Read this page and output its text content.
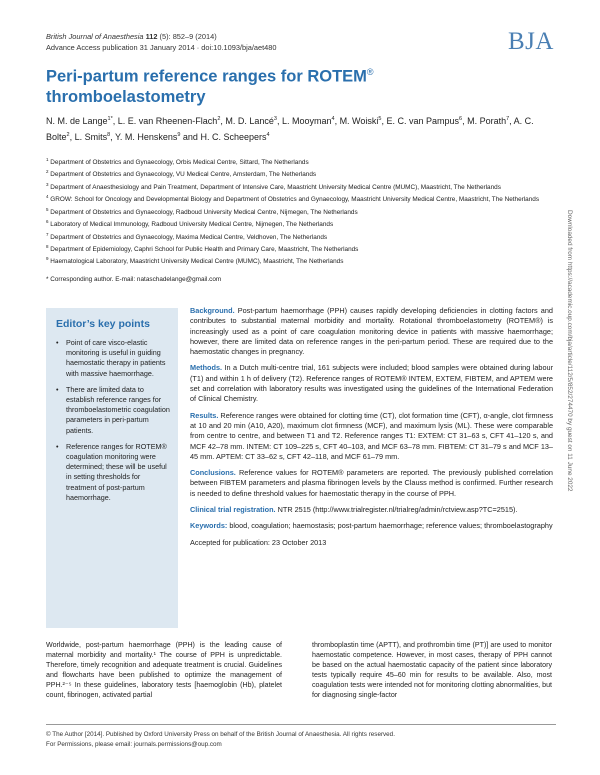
British Journal of Anaesthesia 112 (5): 852–9 (2014)
Advance Access publication 31 January 2014 · doi:10.1093/bja/aet480	BJA
Peri-partum reference ranges for ROTEM®
thromboelastometry
N. M. de Lange$^{1*}$, L. E. van Rheenen-Flach$^2$, M. D. Lancé$^3$, L. Mooyman$^4$, M. Woiski$^5$, E. C. van Pampus$^6$, M. Porath$^7$, A. C. Bolte$^2$, L. Smits$^8$, Y. M. Henskens$^9$ and H. C. Scheepers$^4$
$^1$ Department of Obstetrics and Gynaecology, Orbis Medical Centre, Sittard, The Netherlands
$^2$ Department of Obstetrics and Gynaecology, VU Medical Centre, Amsterdam, The Netherlands
$^3$ Department of Anaesthesiology and Pain Treatment, Department of Intensive Care, Maastricht University Medical Centre (MUMC), Maastricht, The Netherlands
$^4$ GROW: School for Oncology and Developmental Biology and Department of Obstetrics and Gynaecology, Maastricht University Medical Centre, Maastricht, The Netherlands
$^5$ Department of Obstetrics and Gynaecology, Radboud University Medical Centre, Nijmegen, The Netherlands
$^6$ Laboratory of Medical Immunology, Radboud University Medical Centre, Nijmegen, The Netherlands
$^7$ Department of Obstetrics and Gynaecology, Maxima Medical Centre, Veldhoven, The Netherlands
$^8$ Department of Epidemiology, Caphri School for Public Health and Primary Care, Maastricht, The Netherlands
$^9$ Haematological Laboratory, Maastricht University Medical Centre (MUMC), Maastricht, The Netherlands
* Corresponding author. E-mail: nataschadelange@gmail.com
Editor’s key points
• Point of care visco-elastic monitoring is useful in guiding haemostatic therapy in patients with massive haemorrhage.
• There are limited data to establish reference ranges for thromboelastometric coagulation parameters in peri-partum patients.
• Reference ranges for ROTEM® coagulation monitoring were determined; these will be useful in setting thresholds for treatment of post-partum haemorrhage.

Background. Post-partum haemorrhage (PPH) causes rapidly developing deficiencies in clotting factors and contributes to substantial maternal morbidity and mortality. Rotational thromboelastometry (ROTEM®) is increasingly used as a point of care coagulation monitoring device in patients with massive haemorrhage; however, there are limited data on reference ranges in the peri-partum period. These are required due to the haemostatic changes in pregnancy.

Methods. In a Dutch multi-centre trial, 161 subjects were included; blood samples were obtained during labour (T1) and within 1 h of delivery (T2). Reference ranges of ROTEM® INTEM, EXTEM, FIBTEM, and APTEM were set and correlation with laboratory results was investigated using the guidelines of the International Federation of Clinical Chemistry.

Results. Reference ranges were obtained for clotting time (CT), clot formation time (CFT), α-angle, clot firmness at 10 and 20 min (A10, A20), maximum clot firmness (MCF), and maximum lysis (ML). These were comparable from centre to centre, and between T1 and T2. Reference ranges T1: EXTEM: CT 31–63 s, CFT 41–120 s, and MCF 42–78 mm. INTEM: CT 109–225 s, CFT 40–103, and MCF 63–78 mm. FIBTEM: CT 31–79 s and MCF 13–45 mm. APTEM: CT 33–62 s, CFT 42–118, and MCF 61–79 mm.

Conclusions. Reference values for ROTEM® parameters are reported. The previously published correlation between FIBTEM parameters and plasma fibrinogen levels by the Clauss method is confirmed. Further research is needed to define threshold values for haemostatic therapy in the course of PPH.

Clinical trial registration. NTR 2515 (http://www.trialregister.nl/trialreg/admin/rctview.asp?TC=2515).

Keywords: blood, coagulation; haemostasis; post-partum haemorrhage; reference values; thromboelastography

Accepted for publication: 23 October 2013

Worldwide, post-partum haemorrhage (PPH) is the leading cause of maternal morbidity and mortality.¹ The course of PPH is unpredictable. Therefore, timely recognition and adequate treatment is crucial. Guidelines and flowcharts have been published to optimize the management of PPH.²⁻⁵ In these guidelines, laboratory tests [haemoglobin (Hb), platelet count, fibrinogen, activated partial
thromboplastin time (APTT), and prothrombin time (PT)] are used to monitor haemostatic competence. However, in most cases, therapy of PPH cannot be based on the actual haemostatic capacity of the patient since laboratory tests typically require 45–60 min for results to be available. Also, most coagulation tests were intended not for monitoring clotting abnormalities, but for diagnosing single-factor
© The Author [2014]. Published by Oxford University Press on behalf of the British Journal of Anaesthesia. All rights reserved.
For Permissions, please email: journals.permissions@oup.com
Downloaded from https://academic.oup.com/bja/article/112/5/852/274470 by guest on 11 June 2022
